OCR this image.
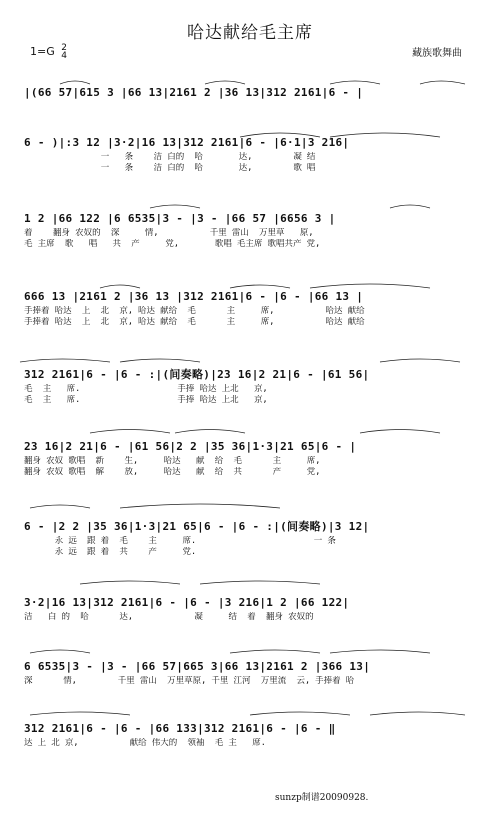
哈达献给毛主席
1=G 2
4	藏族歌舞曲
|(66 57|615 3 |66 13|2161 2 |36 13|312 2161|6 - |
6 - )|:3 12 |3·2|16 13|312 2161|6 - |6·1|3 216|
一   条    洁 白的  哈       达,        凝 结
一   条    洁 白的  哈       达,        歌 唱
1 2 |66 122 |6 6535|3 - |3 - |66 57 |6656 3 |
着    翻身 农奴的  深     情,          千里 雷山  万里草   原,
毛 主席  歌   唱   共  产     党,       歌唱 毛主席 歌唱共产 党,
666 13 |2161 2 |36 13 |312 2161|6 - |6 - |66 13 |
手捧着 哈达  上  北  京, 哈达 献给  毛      主     席,          哈达 献给
手捧着 哈达  上  北  京, 哈达 献给  毛      主     席,          哈达 献给
312 2161|6 - |6 - :|(间奏略)|23 16|2 21|6 - |61 56|
毛  主   席.                   手捧 哈达 上北   京,
毛  主   席.                   手捧 哈达 上北   京,
23 16|2 21|6 - |61 56|2 2 |35 36|1·3|21 65|6 - |
翻身 农奴 歌唱  新    生,     哈达   献  给  毛      主     席,
翻身 农奴 歌唱  解    放,     哈达   献  给  共      产     党,
6 - |2 2 |35 36|1·3|21 65|6 - |6 - :|(间奏略)|3 12|
永 远  跟 着  毛    主     席.                       一 条
永 远  跟 着  共    产     党.
3·2|16 13|312 2161|6 - |6 - |3 216|1 2 |66 122|
洁   白 的  哈      达,            凝     结  着  翻身 农奴的
6 6535|3 - |3 - |66 57|665 3|66 13|2161 2 |366 13|
深      情,        千里 雷山  万里草原, 千里 江河  万里流  云, 手捧着 哈
312 2161|6 - |6 - |66 133|312 2161|6 - |6 - ‖
达 上 北 京,          献给 伟大的  领袖  毛 主   席.
sunzp制谱20090928.
